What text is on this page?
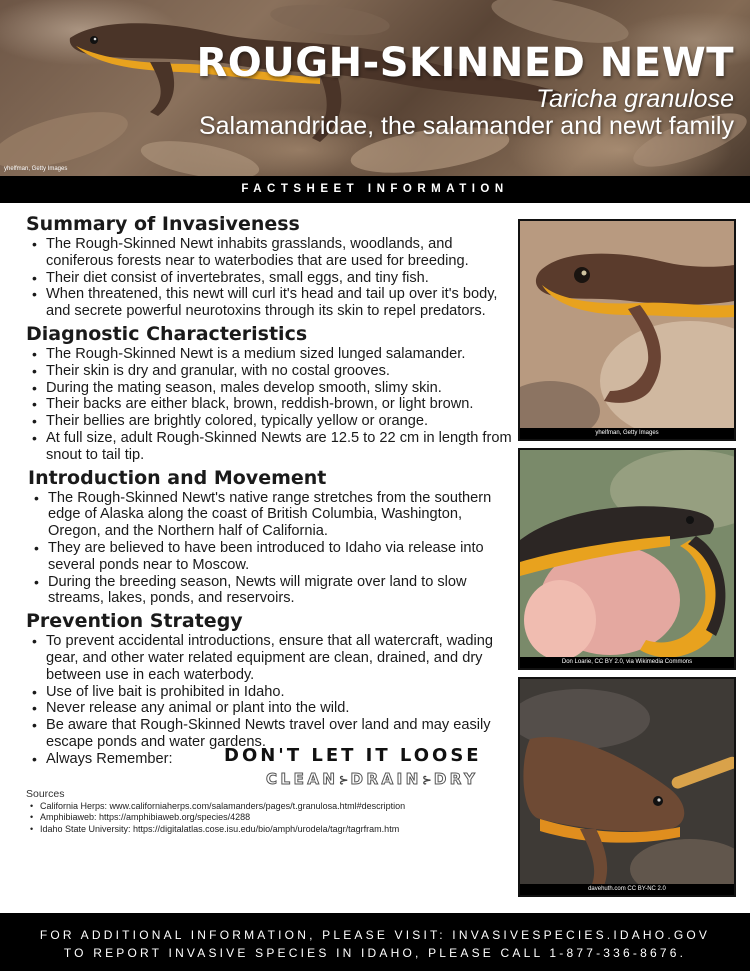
ROUGH-SKINNED NEWT
Taricha granulose
Salamandridae, the salamander and newt family
yhelfman, Getty Images
FACTSHEET INFORMATION
Summary of Invasiveness
• The Rough-Skinned Newt inhabits grasslands, woodlands, and coniferous forests near to waterbodies that are used for breeding.
• Their diet consist of invertebrates, small eggs, and tiny fish.
• When threatened, this newt will curl it's head and tail up over it's body, and secrete powerful neurotoxins through its skin to repel predators.
Diagnostic Characteristics
• The Rough-Skinned Newt is a medium sized lunged salamander.
• Their skin is dry and granular, with no costal grooves.
• During the mating season, males develop smooth, slimy skin.
• Their backs are either black, brown, reddish-brown, or light brown.
• Their bellies are brightly colored, typically yellow or orange.
• At full size, adult Rough-Skinned Newts are 12.5 to 22 cm in length from snout to tail tip.
Introduction and Movement
• The Rough-Skinned Newt's native range stretches from the southern edge of Alaska along the coast of British Columbia, Washington, Oregon, and the Northern half of California.
• They are believed to have been introduced to Idaho via release into several ponds near to Moscow.
• During the breeding season, Newts will migrate over land to slow streams, lakes, ponds, and reservoirs.
Prevention Strategy
• To prevent accidental introductions, ensure that all watercraft, wading gear, and other water related equipment are clean, drained, and dry between use in each waterbody.
• Use of live bait is prohibited in Idaho.
• Never release any animal or plant into the wild.
• Be aware that Rough-Skinned Newts travel over land and may easily escape ponds and water gardens.
• Always Remember:	DON'T LET IT LOOSE
CLEAN⊱DRAIN⊱DRY
Sources
• California Herps: www.californiaherps.com/salamanders/pages/t.granulosa.html#description
• Amphibiaweb: https://amphibiaweb.org/species/4288
• Idaho State University: https://digitalatlas.cose.isu.edu/bio/amph/urodela/tagr/tagrfram.htm
yhelfman, Getty Images
Don Loarie, CC BY 2.0, via Wikimedia Commons
davehuth.com CC BY-NC 2.0
FOR ADDITIONAL INFORMATION, PLEASE VISIT: INVASIVESPECIES.IDAHO.GOV
TO REPORT INVASIVE SPECIES IN IDAHO, PLEASE CALL 1-877-336-8676.
